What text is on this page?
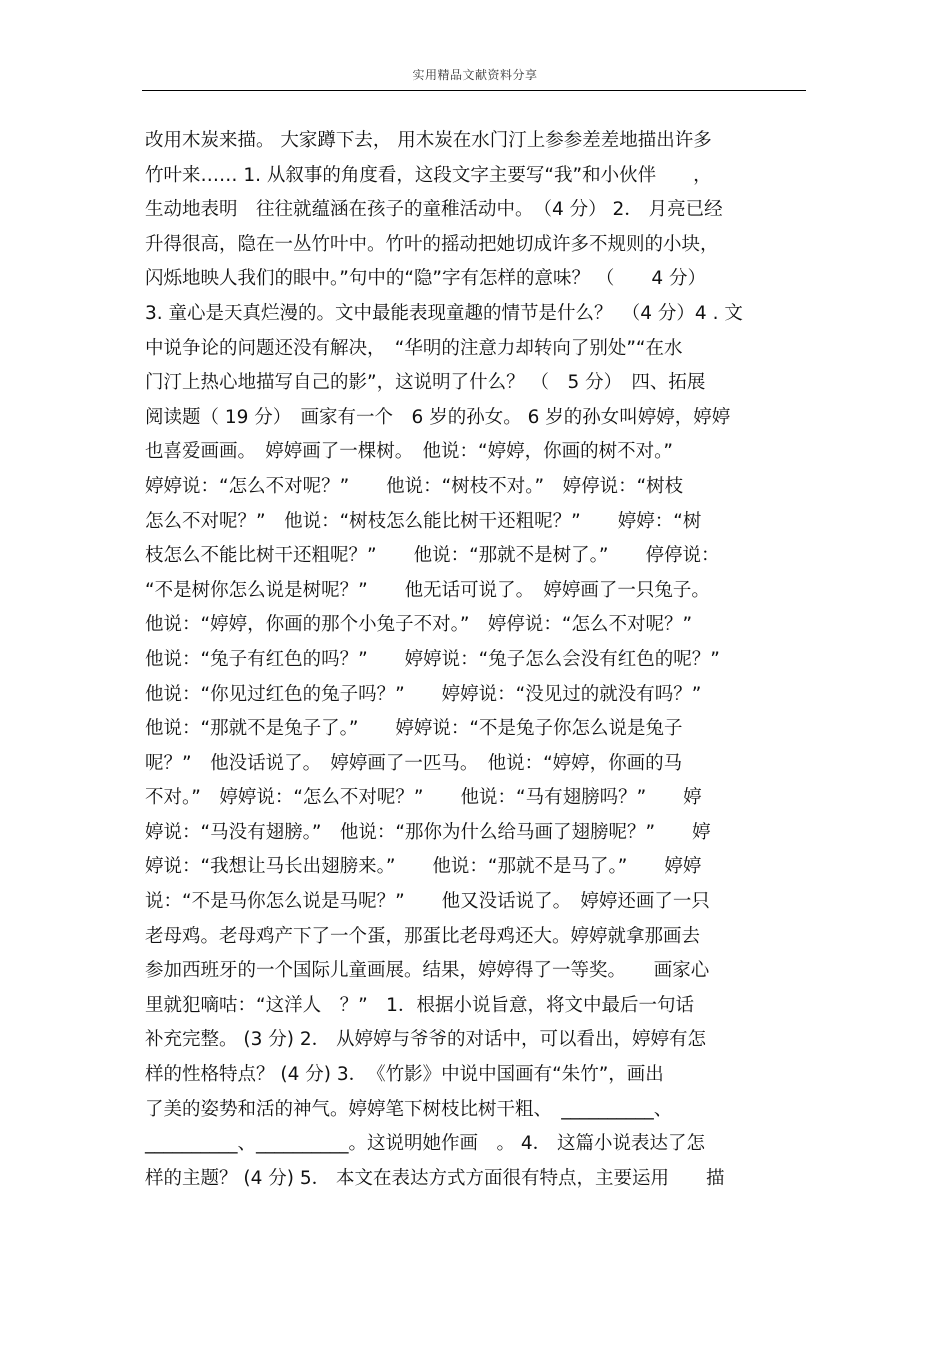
实用精品文献资料分享
改用木炭来描。 大家蹲下去， 用木炭在水门汀上参参差差地描出许多
竹叶来…… 1. 从叙事的角度看，这段文字主要写“我”和小伙伴　　，
生动地表明　往往就蕴涵在孩子的童稚活动中。　（4 分） 2． 月亮已经
升得很高，隐在一丛竹叶中。竹叶的摇动把她切成许多不规则的小块，
闪烁地映人我们的眼中。”句中的“隐”字有怎样的意味？ （　　4 分）
3. 童心是天真烂漫的。文中最能表现童趣的情节是什么？　（4 分）4 . 文
中说争论的问题还没有解决，　“华明的注意力却转向了别处”“在水
门汀上热心地描写自己的影”，这说明了什么？ （　5 分）　四、拓展
阅读题（ 19 分）　画家有一个　6 岁的孙女。 6 岁的孙女叫婷婷，婷婷
也喜爱画画。　婷婷画了一棵树。　他说：“婷婷，你画的树不对。”
婷婷说：“怎么不对呢？”　　他说：“树枝不对。”　婷停说：“树枝
怎么不对呢？”　他说：“树枝怎么能比树干还粗呢？”　　婷婷：“树
枝怎么不能比树干还粗呢？”　　他说：“那就不是树了。”　　停停说：
“不是树你怎么说是树呢？”　　他无话可说了。　婷婷画了一只兔子。
他说：“婷婷，你画的那个小兔子不对。”　婷停说：“怎么不对呢？”
他说：“兔子有红色的吗？”　　婷婷说：“兔子怎么会没有红色的呢？”
他说：“你见过红色的兔子吗？”　　婷婷说：“没见过的就没有吗？”
他说：“那就不是兔子了。”　　婷婷说：“不是兔子你怎么说是兔子
呢？”　他没话说了。　婷婷画了一匹马。　他说：“婷婷，你画的马
不对。”　婷婷说：“怎么不对呢？”　　他说：“马有翅膀吗？”　　婷
婷说：“马没有翅膀。”　他说：“那你为什么给马画了翅膀呢？”　　婷
婷说：“我想让马长出翅膀来。”　　他说：“那就不是马了。”　　婷婷
说：“不是马你怎么说是马呢？”　　他又没话说了。　婷婷还画了一只
老母鸡。老母鸡产下了一个蛋，那蛋比老母鸡还大。婷婷就拿那画去
参加西班牙的一个国际儿童画展。结果，婷婷得了一等奖。　　画家心
里就犯嘀咕：“这洋人　？”　1．根据小说旨意，将文中最后一句话
补充完整。 (3 分) 2． 从婷婷与爷爷的对话中，可以看出，婷婷有怎
样的性格特点？ (4 分) 3．　《竹影》中说中国画有“朱竹”，画出
了美的姿势和活的神气。婷婷笔下树枝比树干粗、　__________、
__________、__________。这说明她作画　。 4． 这篇小说表达了怎
样的主题？ (4 分) 5． 本文在表达方式方面很有特点，主要运用　　描
